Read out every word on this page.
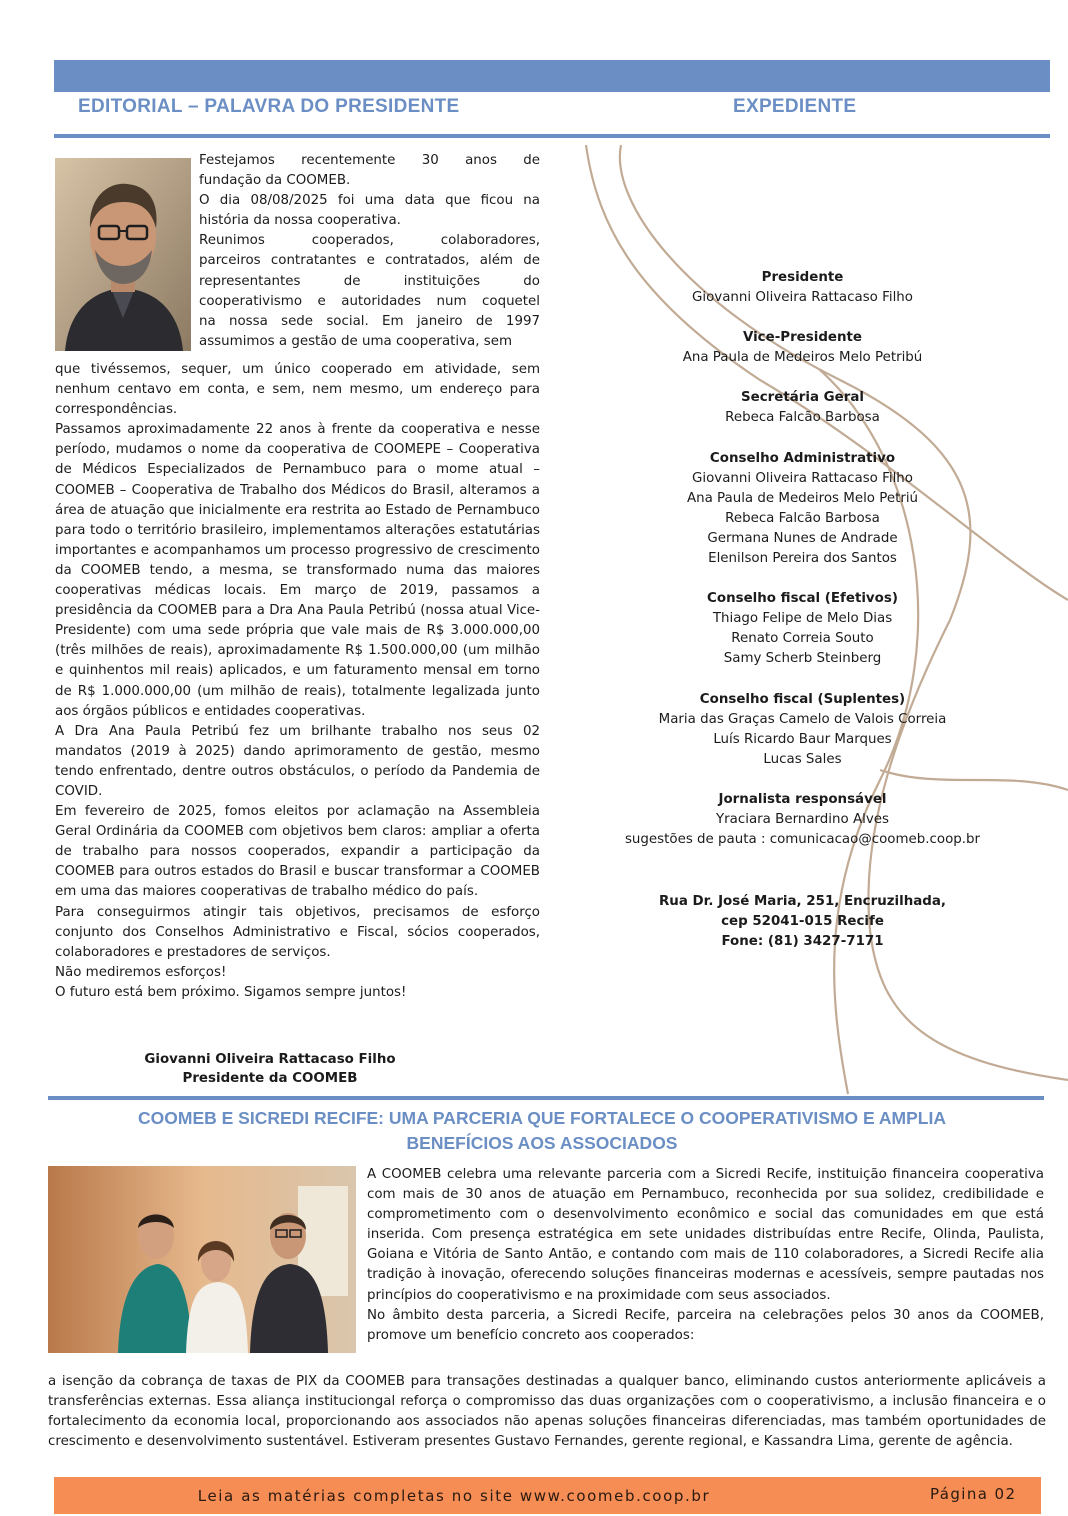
EDITORIAL – PALAVRA DO PRESIDENTE	EXPEDIENTE
Festejamos recentemente 30 anos de
fundação da COOMEB.
O dia 08/08/2025 foi uma data que ficou na
história da nossa cooperativa.
Reunimos cooperados, colaboradores,
parceiros contratantes e contratados, além de
representantes de instituições do
cooperativismo e autoridades num coquetel
na nossa sede social. Em janeiro de 1997
assumimos a gestão de uma cooperativa, sem

que tivéssemos, sequer, um único cooperado em atividade, sem nenhum centavo em conta, e sem, nem mesmo, um endereço para correspondências.

Passamos aproximadamente 22 anos à frente da cooperativa e nesse período, mudamos o nome da cooperativa de COOMEPE – Cooperativa de Médicos Especializados de Pernambuco para o mome atual – COOMEB – Cooperativa de Trabalho dos Médicos do Brasil, alteramos a área de atuação que inicialmente era restrita ao Estado de Pernambuco para todo o território brasileiro, implementamos alterações estatutárias importantes e acompanhamos um processo progressivo de crescimento da COOMEB tendo, a mesma, se transformado numa das maiores cooperativas médicas locais. Em março de 2019, passamos a presidência da COOMEB para a Dra Ana Paula Petribú (nossa atual Vice-Presidente) com uma sede própria que vale mais de R$ 3.000.000,00 (três milhões de reais), aproximadamente R$ 1.500.000,00 (um milhão e quinhentos mil reais) aplicados, e um faturamento mensal em torno de R$ 1.000.000,00 (um milhão de reais), totalmente legalizada junto aos órgãos públicos e entidades cooperativas.

A Dra Ana Paula Petribú fez um brilhante trabalho nos seus 02 mandatos (2019 à 2025) dando aprimoramento de gestão, mesmo tendo enfrentado, dentre outros obstáculos, o período da Pandemia de COVID.

Em fevereiro de 2025, fomos eleitos por aclamação na Assembleia Geral Ordinária da COOMEB com objetivos bem claros: ampliar a oferta de trabalho para nossos cooperados, expandir a participação da COOMEB para outros estados do Brasil e buscar transformar a COOMEB em uma das maiores cooperativas de trabalho médico do país.

Para conseguirmos atingir tais objetivos, precisamos de esforço conjunto dos Conselhos Administrativo e Fiscal, sócios cooperados, colaboradores e prestadores de serviços.

Não mediremos esforços!

O futuro está bem próximo. Sigamos sempre juntos!

Giovanni Oliveira Rattacaso Filho
Presidente da COOMEB
Presidente
Giovanni Oliveira Rattacaso Filho
Vice-Presidente
Ana Paula de Medeiros Melo Petribú
Secretária Geral
Rebeca Falcão Barbosa
Conselho Administrativo
Giovanni Oliveira Rattacaso Filho
Ana Paula de Medeiros Melo Petriú
Rebeca Falcão Barbosa
Germana Nunes de Andrade
Elenilson Pereira dos Santos
Conselho fiscal (Efetivos)
Thiago Felipe de Melo Dias
Renato Correia Souto
Samy Scherb Steinberg
Conselho fiscal (Suplentes)
Maria das Graças Camelo de Valois Correia
Luís Ricardo Baur Marques
Lucas Sales
Jornalista responsável
Yraciara Bernardino Alves
sugestões de pauta : comunicacao@coomeb.coop.br
Rua Dr. José Maria, 251, Encruzilhada,
cep 52041-015 Recife
Fone: (81) 3427-7171
COOMEB E SICREDI RECIFE: UMA PARCERIA QUE FORTALECE O COOPERATIVISMO E AMPLIA
BENEFÍCIOS AOS ASSOCIADOS

A COOMEB celebra uma relevante parceria com a Sicredi Recife, instituição financeira cooperativa com mais de 30 anos de atuação em Pernambuco, reconhecida por sua solidez, credibilidade e comprometimento com o desenvolvimento econômico e social das comunidades em que está inserida. Com presença estratégica em sete unidades distribuídas entre Recife, Olinda, Paulista, Goiana e Vitória de Santo Antão, e contando com mais de 110 colaboradores, a Sicredi Recife alia tradição à inovação, oferecendo soluções financeiras modernas e acessíveis, sempre pautadas nos princípios do cooperativismo e na proximidade com seus associados.

No âmbito desta parceria, a Sicredi Recife, parceira na celebrações pelos 30 anos da COOMEB, promove um benefício concreto aos cooperados:

a isenção da cobrança de taxas de PIX da COOMEB para transações destinadas a qualquer banco, eliminando custos anteriormente aplicáveis a transferências externas. Essa aliança instituciongal reforça o compromisso das duas organizações com o cooperativismo, a inclusão financeira e o fortalecimento da economia local, proporcionando aos associados não apenas soluções financeiras diferenciadas, mas também oportunidades de crescimento e desenvolvimento sustentável. Estiveram presentes Gustavo Fernandes, gerente regional, e Kassandra Lima, gerente de agência.
Leia as matérias completas no site www.coomeb.coop.br	Página 02
